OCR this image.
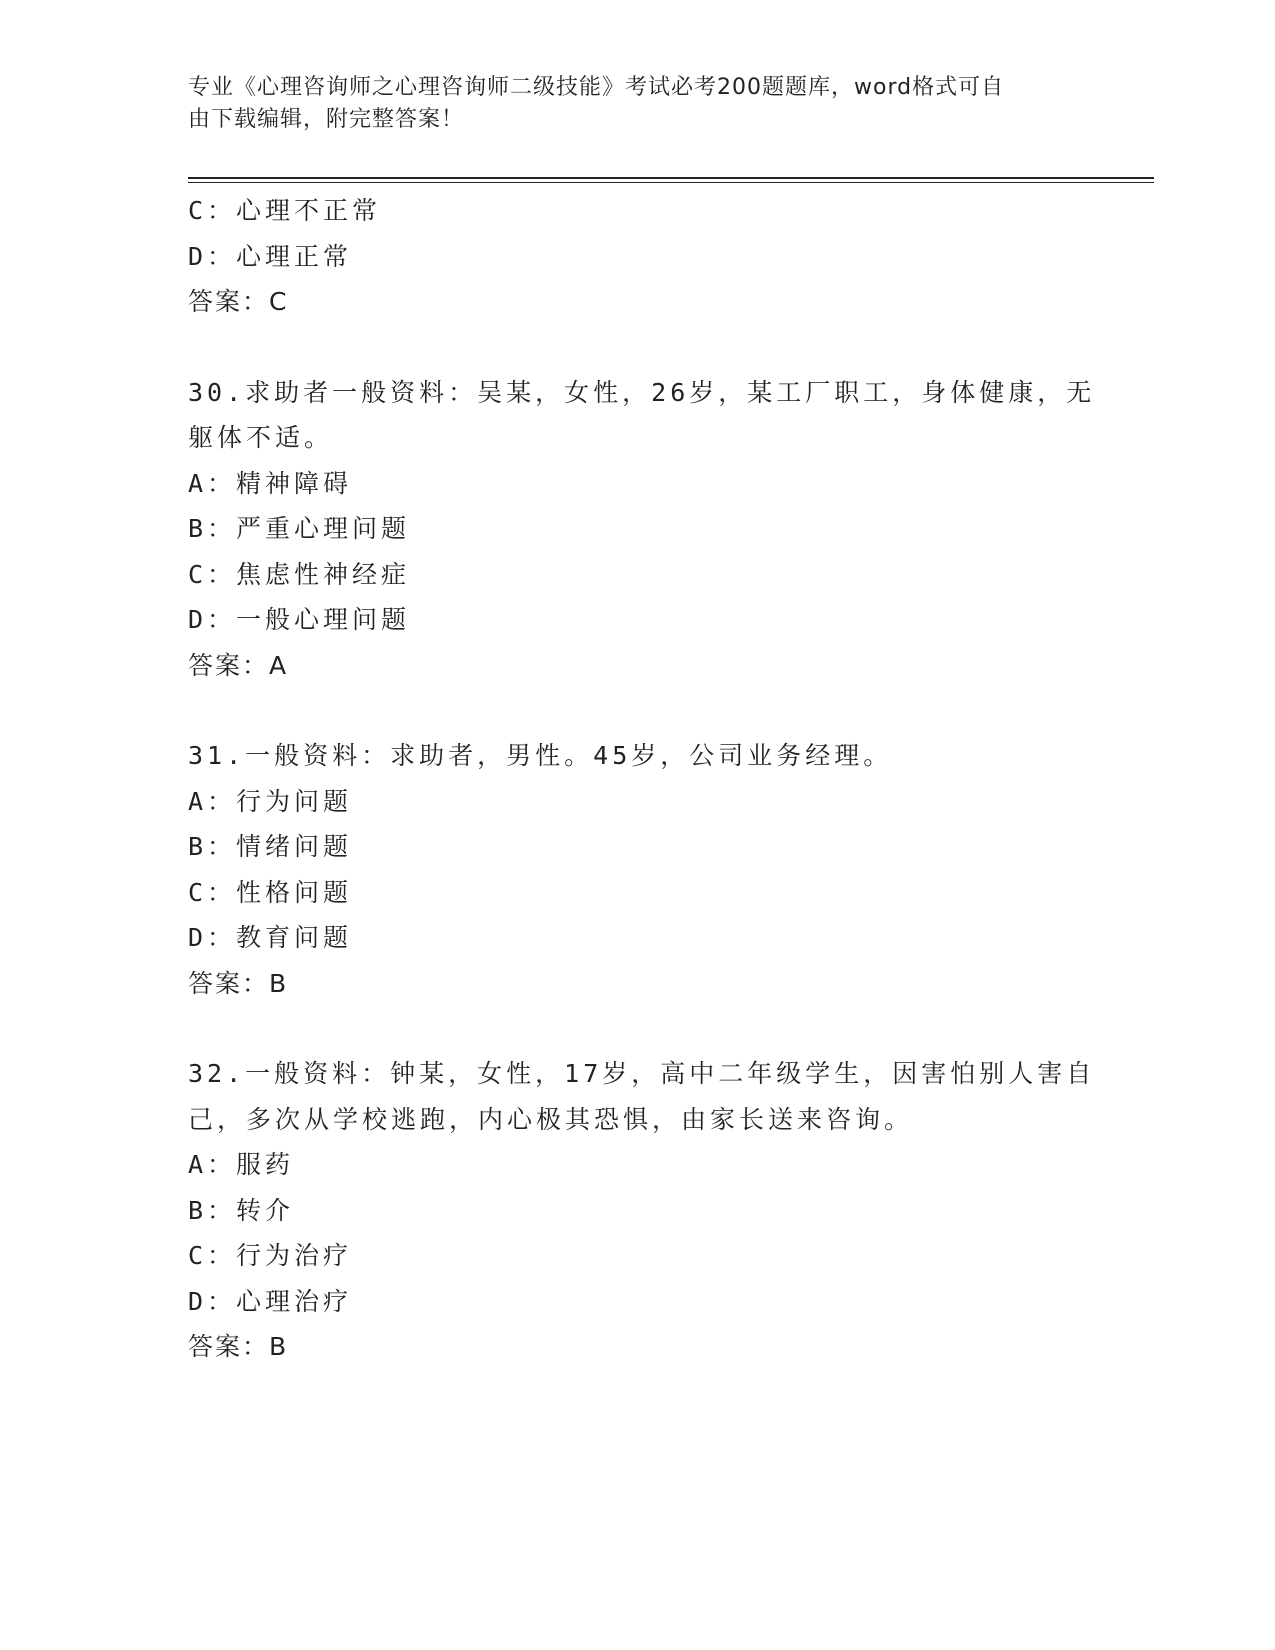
专业《心理咨询师之心理咨询师二级技能》考试必考200题题库，word格式可自
由下载编辑，附完整答案！
C：心理不正常
D：心理正常
答案：C
30.求助者一般资料：吴某，女性，26岁，某工厂职工，身体健康，无
躯体不适。
A：精神障碍
B：严重心理问题
C：焦虑性神经症
D：一般心理问题
答案：A
31.一般资料：求助者，男性。45岁，公司业务经理。
A：行为问题
B：情绪问题
C：性格问题
D：教育问题
答案：B
32.一般资料：钟某，女性，17岁，高中二年级学生，因害怕别人害自
己，多次从学校逃跑，内心极其恐惧，由家长送来咨询。
A：服药
B：转介
C：行为治疗
D：心理治疗
答案：B
